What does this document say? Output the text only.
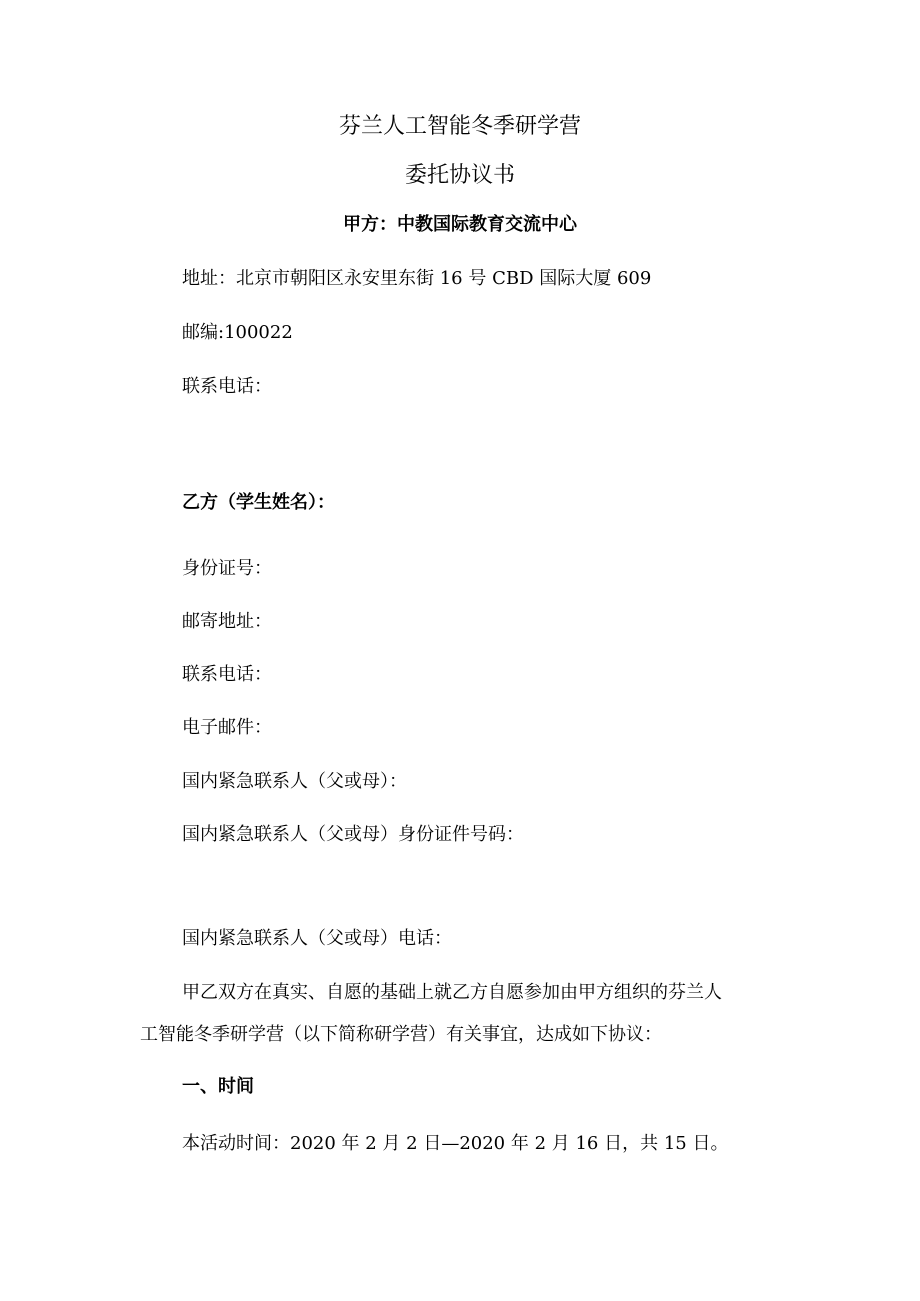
芬兰人工智能冬季研学营
委托协议书
甲方：中教国际教育交流中心
地址：北京市朝阳区永安里东街 16 号 CBD 国际大厦 609
邮编:100022
联系电话：
乙方（学生姓名）：
身份证号：
邮寄地址：
联系电话：
电子邮件：
国内紧急联系人（父或母）：
国内紧急联系人（父或母）身份证件号码：
国内紧急联系人（父或母）电话：
甲乙双方在真实、自愿的基础上就乙方自愿参加由甲方组织的芬兰人
工智能冬季研学营（以下简称研学营）有关事宜，达成如下协议：
一、时间
本活动时间：2020 年 2 月 2 日—2020 年 2 月 16 日，共 15 日。
